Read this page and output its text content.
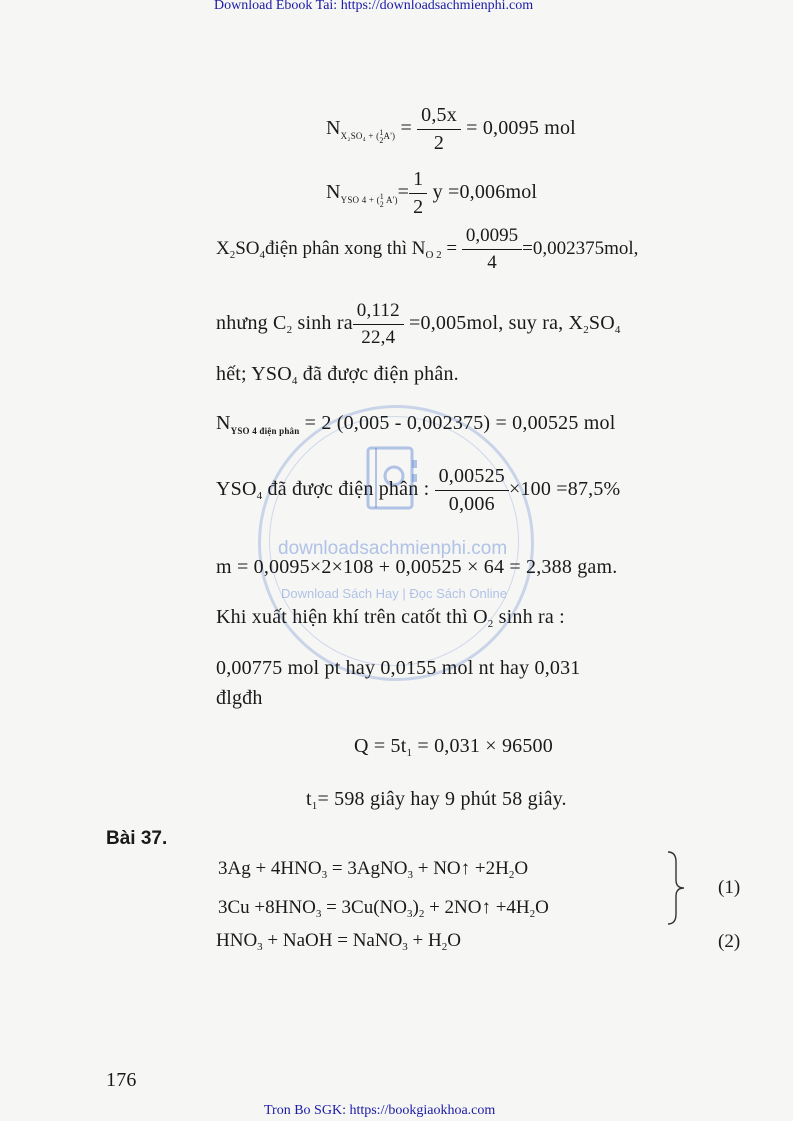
Download Ebook Tai: https://downloadsachmienphi.com
downloadsachmienphi.com
Download Sách Hay | Đọc Sách Online
$N_{X_2SO_4 + ( 1 2 A')} = \frac{0,5x}{2} = 0,0095$ mol
$N_{YSO 4 + ( 1 2 A')}= \frac{1}{2}$ y =0,006mol
$X_2SO_4điện$ phân xong thì $N_{O 2} = \frac{0,0095}{4} =0,002375mol$,
nhưng $C_2$ sinh ra $\frac{0,112}{22,4} =0,005mol$, suy ra, $X_2SO_4$
hết; $YSO_4$ đã được điện phân.
$N_{YSO 4 điện phân} = 2$ (0,005 - 0,002375) = 0,00525 mol
$YSO_4$ đã được điện phân : $\frac{0,00525}{0,006} \times 100 =87,5\%$
m = 0,0095×2×108 + 0,00525 × 64 = 2,388 gam.
Khi xuất hiện khí trên catốt thì $O_2$ sinh ra :
0,00775 mol pt hay 0,0155 mol nt hay 0,031
đlgđh
$Q = 5t_1 = 0,031 \times 96500$
$t_1= 598$ giây hay 9 phút 58 giây.
Bài 37.
$3Ag + 4HNO_3$ = 3AgNO$_3$ + NO↑ $+2H_2O$
$3Cu +8HNO_3 = 3Cu(NO_3)_2$ + 2NO↑ $+4H_2O$
(1)
$HNO_3$ + NaOH = NaNO$_3$ + $H_2O$	(2)
176
Tron Bo SGK: https://bookgiaokhoa.com
